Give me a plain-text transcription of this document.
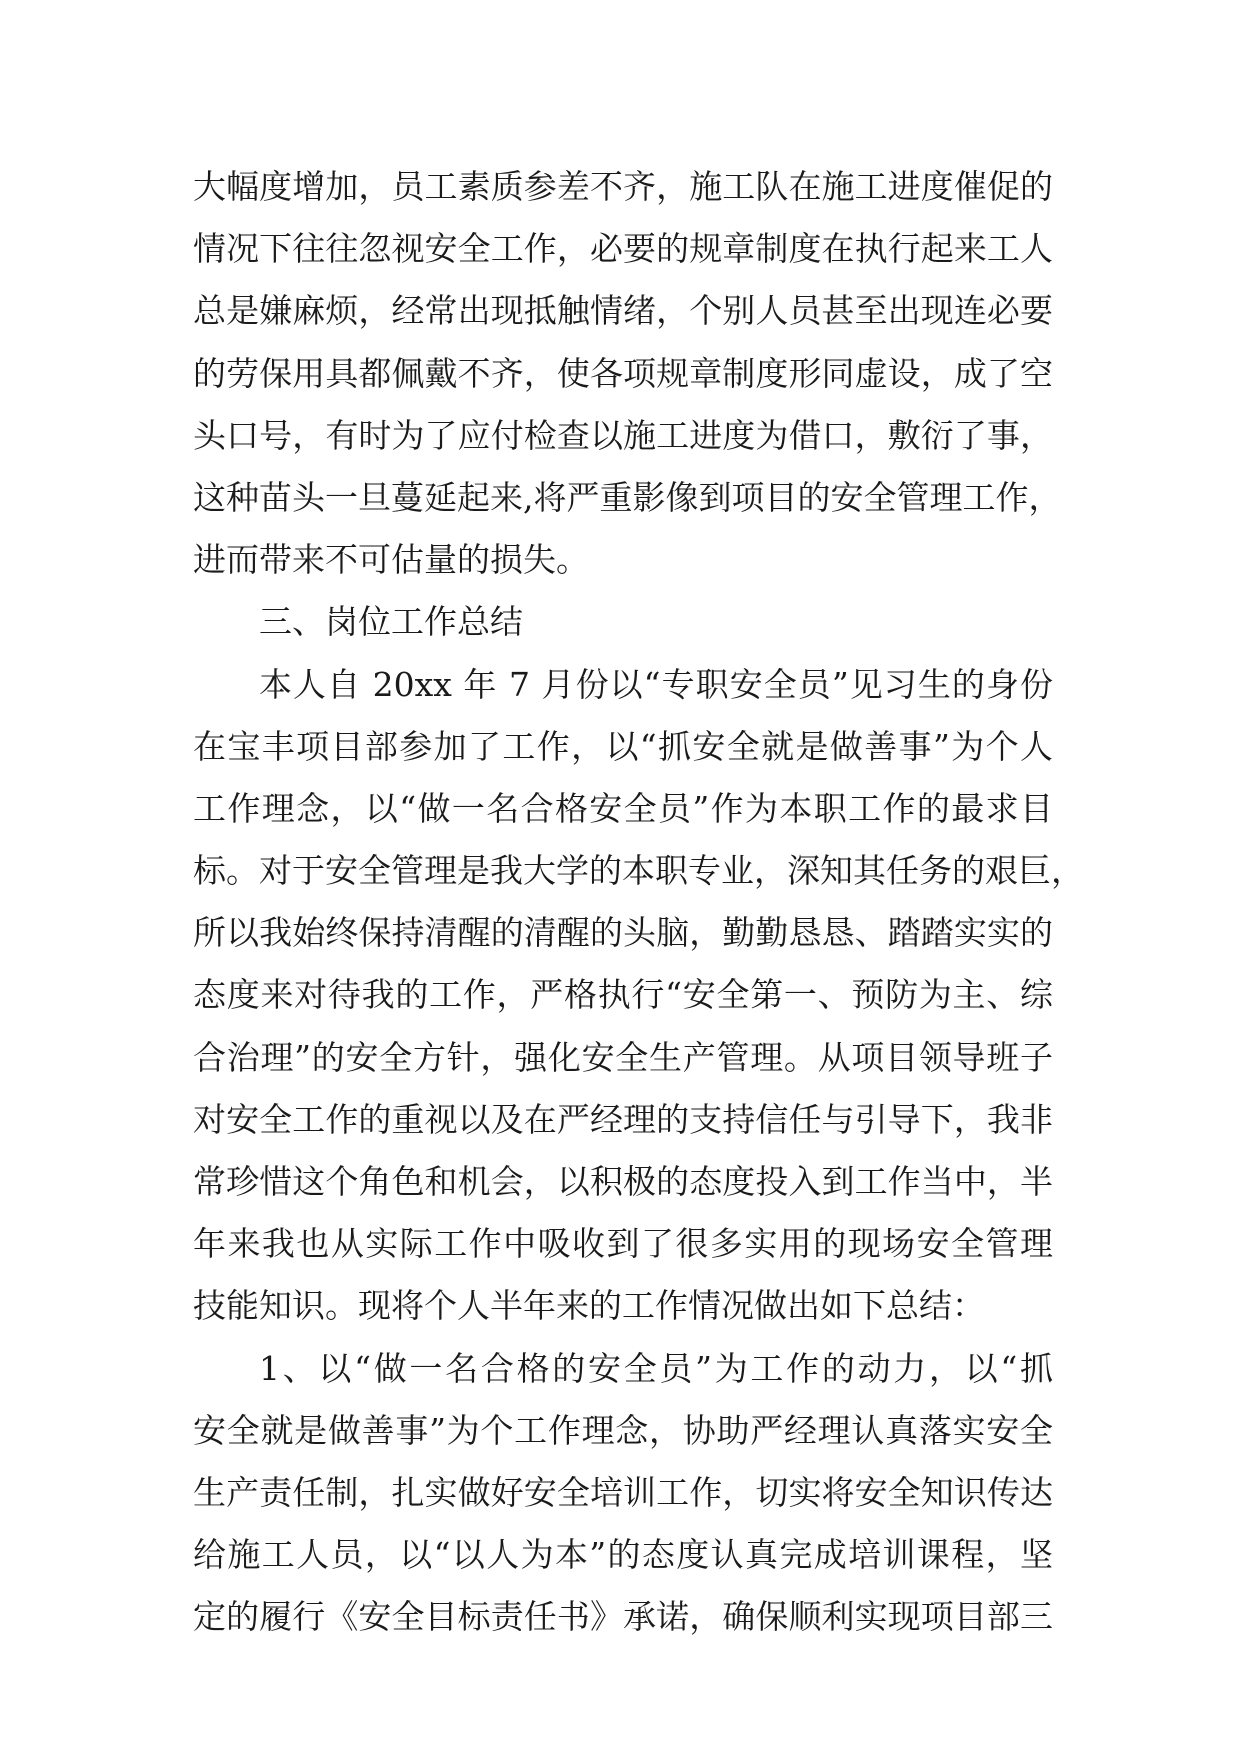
大幅度增加，员工素质参差不齐，施工队在施工进度催促的
情况下往往忽视安全工作，必要的规章制度在执行起来工人
总是嫌麻烦，经常出现抵触情绪，个别人员甚至出现连必要
的劳保用具都佩戴不齐，使各项规章制度形同虚设，成了空
头口号，有时为了应付检查以施工进度为借口，敷衍了事，
这种苗头一旦蔓延起来,将严重影像到项目的安全管理工作，
进而带来不可估量的损失。
三、岗位工作总结
本人自 20xx 年 7 月份以“专职安全员”见习生的身份
在宝丰项目部参加了工作，以“抓安全就是做善事”为个人
工作理念，以“做一名合格安全员”作为本职工作的最求目
标。对于安全管理是我大学的本职专业，深知其任务的艰巨，
所以我始终保持清醒的清醒的头脑，勤勤恳恳、踏踏实实的
态度来对待我的工作，严格执行“安全第一、预防为主、综
合治理”的安全方针，强化安全生产管理。从项目领导班子
对安全工作的重视以及在严经理的支持信任与引导下，我非
常珍惜这个角色和机会，以积极的态度投入到工作当中，半
年来我也从实际工作中吸收到了很多实用的现场安全管理
技能知识。现将个人半年来的工作情况做出如下总结：
1、以“做一名合格的安全员”为工作的动力，以“抓
安全就是做善事”为个工作理念，协助严经理认真落实安全
生产责任制，扎实做好安全培训工作，切实将安全知识传达
给施工人员，以“以人为本”的态度认真完成培训课程，坚
定的履行《安全目标责任书》承诺，确保顺利实现项目部三
